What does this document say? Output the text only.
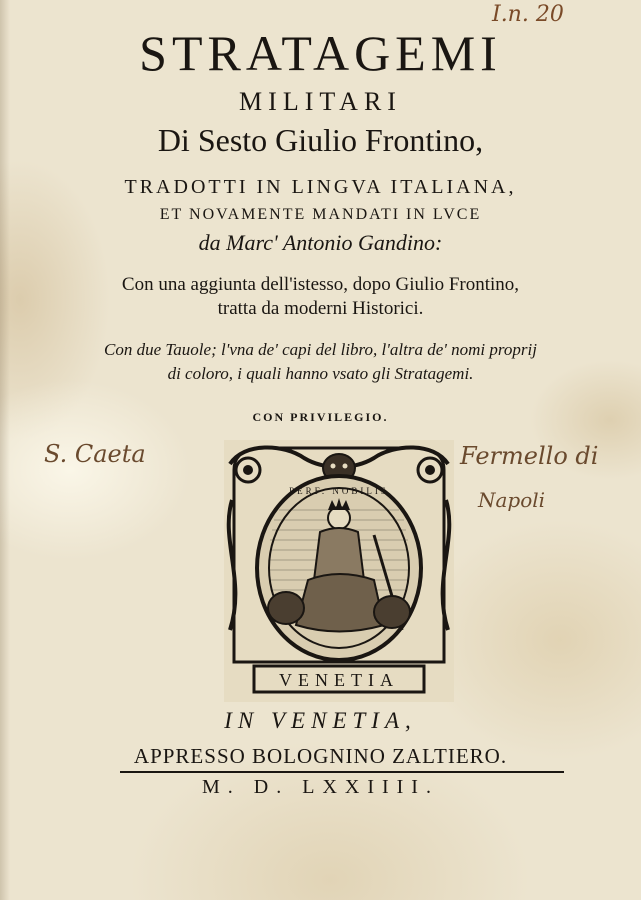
I.n. 20
STRATAGEMI
MILITARI
Di Sesto Giulio Frontino,
TRADOTTI IN LINGVA ITALIANA,
ET NOVAMENTE MANDATI IN LVCE
da Marc' Antonio Gandino:
Con una aggiunta dell'istesso, dopo Giulio Frontino,
tratta da moderni Historici.
Con due Tauole; l'vna de' capi del libro, l'altra de' nomi proprij
di coloro, i quali hanno vsato gli Stratagemi.
CON PRIVILEGIO.
S. Caeta	Fermello di
Napoli
PERF. NOBILIS
VENETIA
IN VENETIA,
APPRESSO BOLOGNINO ZALTIERO.
M. D. LXXIIII.
